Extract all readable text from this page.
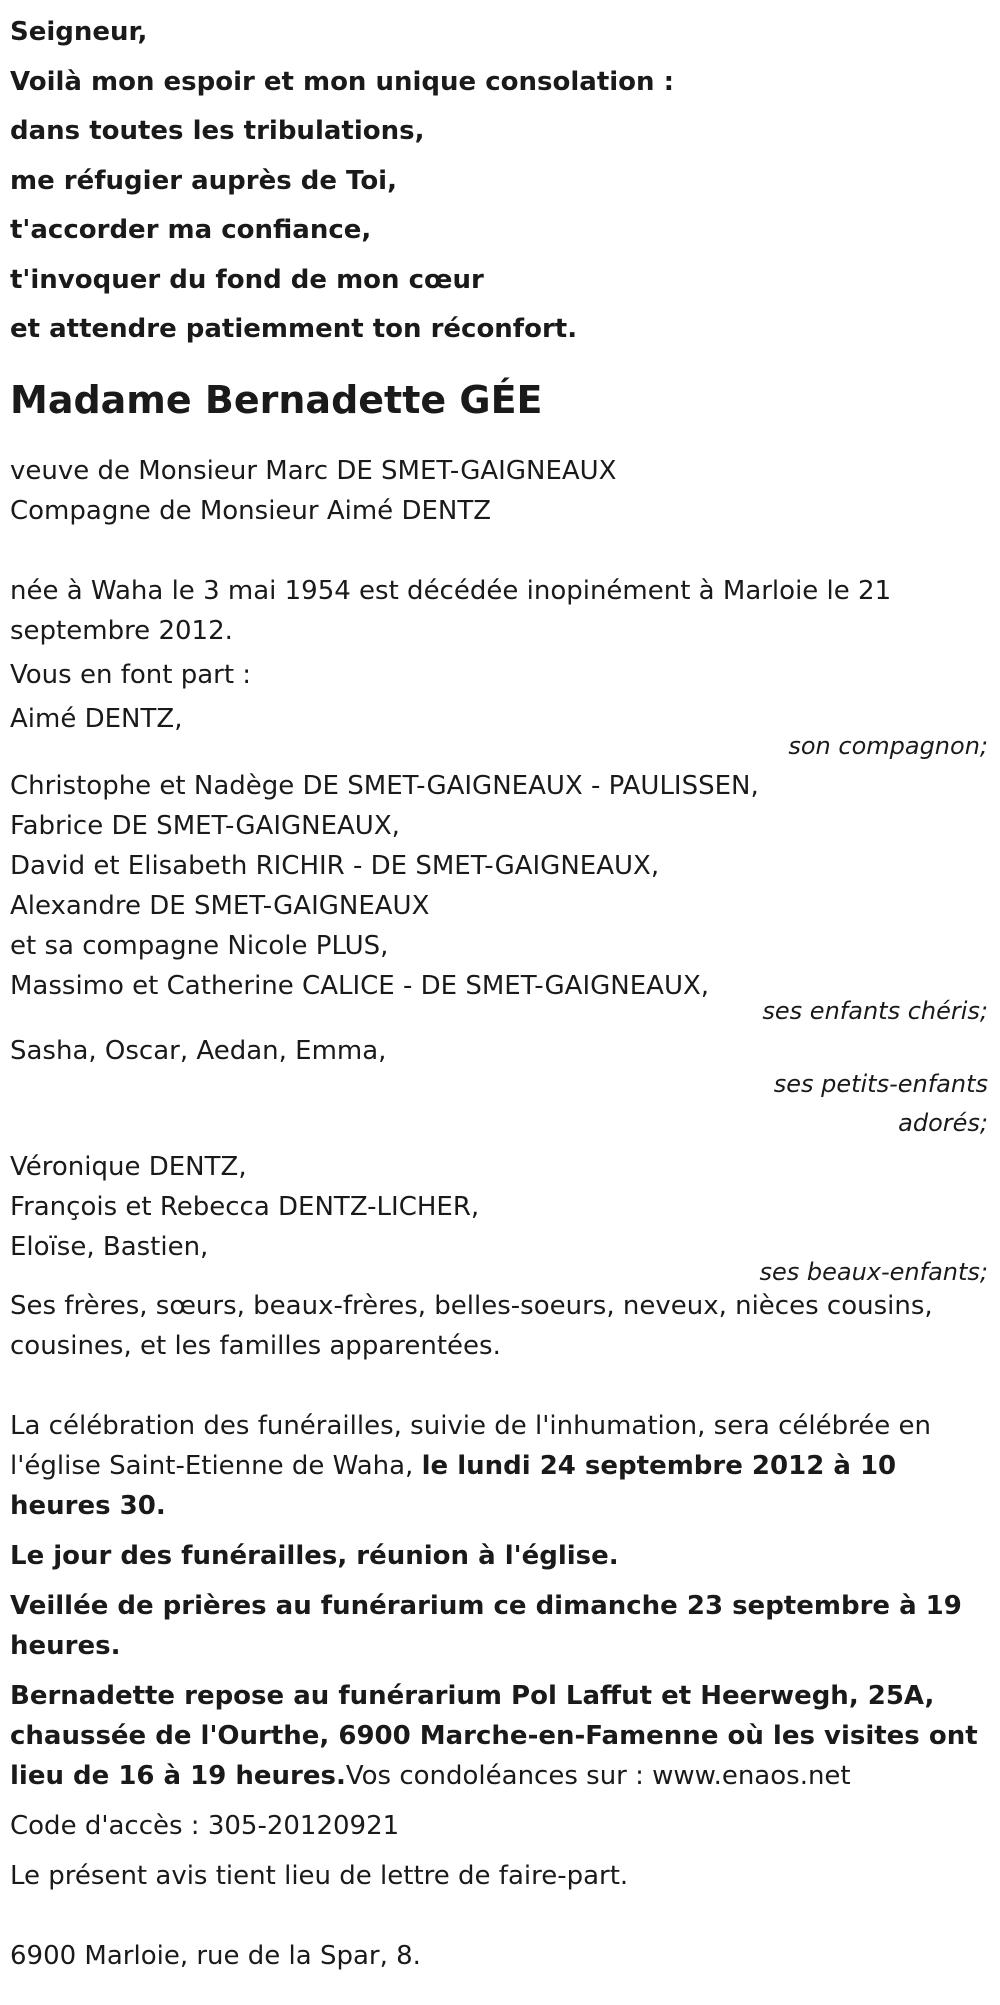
Seigneur,
Voilà mon espoir et mon unique consolation :
dans toutes les tribulations,
me réfugier auprès de Toi,
t'accorder ma confiance,
t'invoquer du fond de mon cœur
et attendre patiemment ton réconfort.
Madame Bernadette GÉE
veuve de Monsieur Marc DE SMET-GAIGNEAUX
Compagne de Monsieur Aimé DENTZ
née à Waha le 3 mai 1954 est décédée inopinément à Marloie le 21 septembre 2012.
Vous en font part :
Aimé DENTZ,
son compagnon;
Christophe et Nadège DE SMET-GAIGNEAUX - PAULISSEN,
Fabrice DE SMET-GAIGNEAUX,
David et Elisabeth RICHIR - DE SMET-GAIGNEAUX,
Alexandre DE SMET-GAIGNEAUX
et sa compagne Nicole PLUS,
Massimo et Catherine CALICE - DE SMET-GAIGNEAUX,
ses enfants chéris;
Sasha, Oscar, Aedan, Emma,
ses petits-enfants
adorés;
Véronique DENTZ,
François et Rebecca DENTZ-LICHER,
Eloïse, Bastien,
ses beaux-enfants;
Ses frères, sœurs, beaux-frères, belles-soeurs, neveux, nièces cousins, cousines, et les familles apparentées.
La célébration des funérailles, suivie de l'inhumation, sera célébrée en l'église Saint-Etienne de Waha, le lundi 24 septembre 2012 à 10 heures 30.
Le jour des funérailles, réunion à l'église.
Veillée de prières au funérarium ce dimanche 23 septembre à 19 heures.
Bernadette repose au funérarium Pol Laffut et Heerwegh, 25A, chaussée de l'Ourthe, 6900 Marche-en-Famenne où les visites ont lieu de 16 à 19 heures.Vos condoléances sur : www.enaos.net
Code d'accès : 305-20120921
Le présent avis tient lieu de lettre de faire-part.
6900 Marloie, rue de la Spar, 8.
